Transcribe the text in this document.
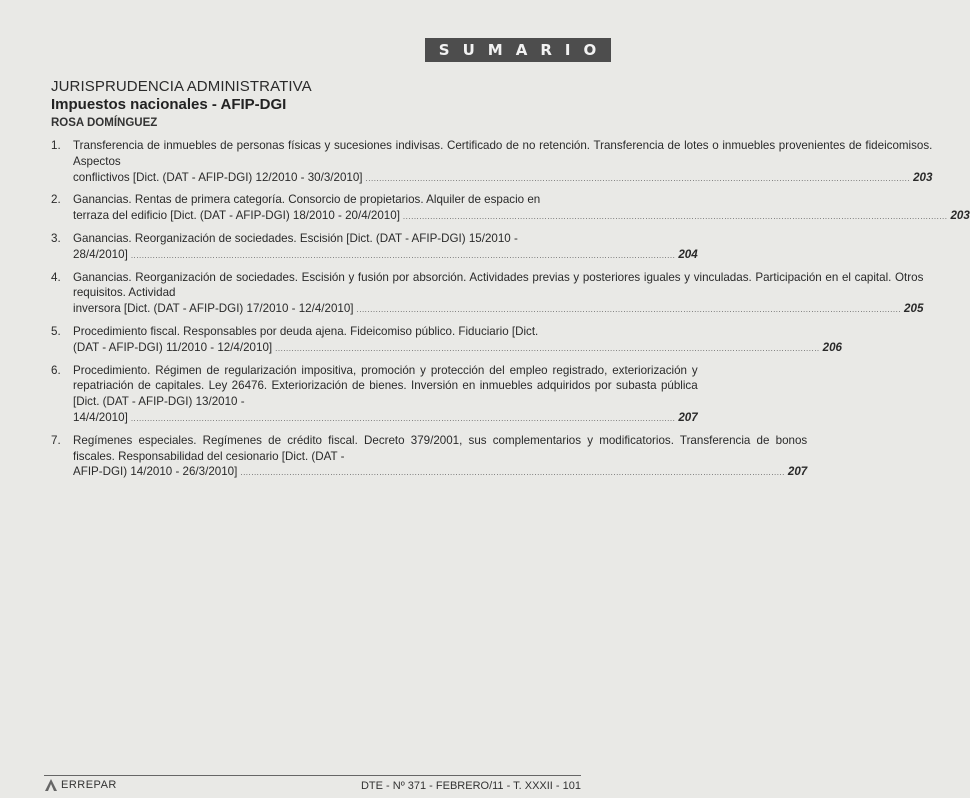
SUMARIO
JURISPRUDENCIA ADMINISTRATIVA
Impuestos nacionales - AFIP-DGI
ROSA DOMÍNGUEZ
1.	Transferencia de inmuebles de personas físicas y sucesiones indivisas. Certificado de no retención. Transferencia de lotes o inmuebles provenientes de fideicomisos. Aspectos
conflictivos [Dict. (DAT - AFIP-DGI) 12/2010 - 30/3/2010] ........................................................................................................................................................................................................ 203
2.	Ganancias. Rentas de primera categoría. Consorcio de propietarios. Alquiler de espacio en
terraza del edificio [Dict. (DAT - AFIP-DGI) 18/2010 - 20/4/2010] ........................................................................................................................................................................................................ 203
3.	Ganancias. Reorganización de sociedades. Escisión [Dict. (DAT - AFIP-DGI) 15/2010 -
28/4/2010] ........................................................................................................................................................................................................ 204
4.	Ganancias. Reorganización de sociedades. Escisión y fusión por absorción. Actividades previas y posteriores iguales y vinculadas. Participación en el capital. Otros requisitos. Actividad
inversora [Dict. (DAT - AFIP-DGI) 17/2010 - 12/4/2010] ........................................................................................................................................................................................................ 205
5.	Procedimiento fiscal. Responsables por deuda ajena. Fideicomiso público. Fiduciario [Dict.
(DAT - AFIP-DGI) 11/2010 - 12/4/2010] ........................................................................................................................................................................................................ 206
6.	Procedimiento. Régimen de regularización impositiva, promoción y protección del empleo registrado, exteriorización y repatriación de capitales. Ley 26476. Exteriorización de bienes. Inversión en inmuebles adquiridos por subasta pública [Dict. (DAT - AFIP-DGI) 13/2010 -
14/4/2010] ........................................................................................................................................................................................................ 207
7.	Regímenes especiales. Regímenes de crédito fiscal. Decreto 379/2001, sus complementarios y modificatorios. Transferencia de bonos fiscales. Responsabilidad del cesionario [Dict. (DAT -
AFIP-DGI) 14/2010 - 26/3/2010] ........................................................................................................................................................................................................ 207
ERREPAR	DTE - Nº 371 - FEBRERO/11 - T. XXXII - 101
